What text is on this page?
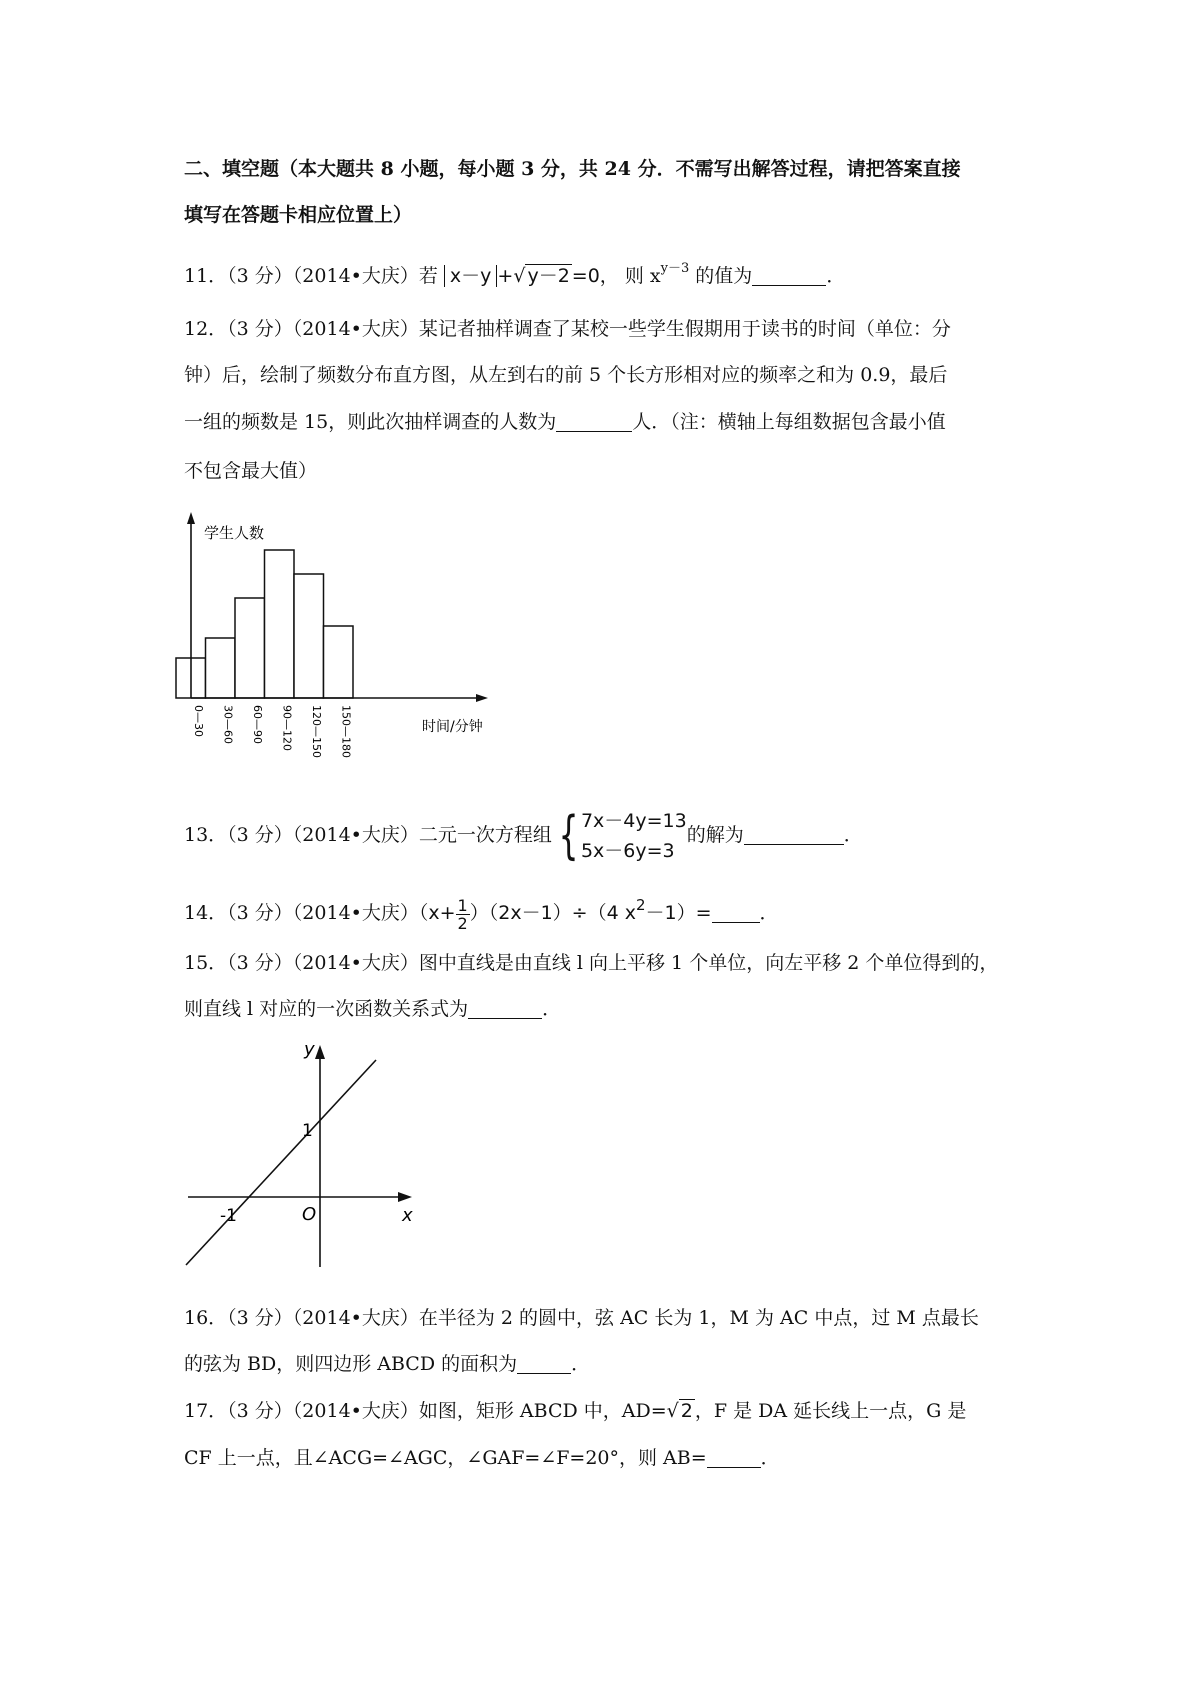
二、填空题（本大题共 8 小题，每小题 3 分，共 24 分．不需写出解答过程，请把答案直接
填写在答题卡相应位置上）
11．（3 分）（2014•大庆）若 x－y +√ y－2 =0， 则 $x^{y-3}$ 的值为	．
12．（3 分）（2014•大庆）某记者抽样调查了某校一些学生假期用于读书的时间（单位：分
钟）后，绘制了频数分布直方图，从左到右的前 5 个长方形相对应的频率之和为 0.9，最后
一组的频数是 15，则此次抽样调查的人数为	人．（注：横轴上每组数据包含最小值
不包含最大值）
学生人数
时间/分钟
0—30 30—60 60—90 90—120 120—150 150—180
13．（3 分）（2014•大庆）二元一次方程组 { 7x－4y=13
5x－6y=3
的解为	．
14．（3 分）（2014•大庆）$(x+ \frac{1}{2} )(2x-1)\div(4$ $x^2-1)=$	．
15．（3 分）（2014•大庆）图中直线是由直线 l 向上平移 1 个单位，向左平移 2 个单位得到的，
则直线 l 对应的一次函数关系式为	．
y
x
O
1
-1
16．（3 分）（2014•大庆）在半径为 2 的圆中，弦 AC 长为 1，M 为 AC 中点，过 M 点最长
的弦为 BD，则四边形 ABCD 的面积为	．
17．（3 分）（2014•大庆）如图，矩形 ABCD 中，AD=√ 2 ，F 是 DA 延长线上一点，G 是
CF 上一点，且∠ACG=∠AGC，∠GAF=∠F=20°，则 AB=	．
